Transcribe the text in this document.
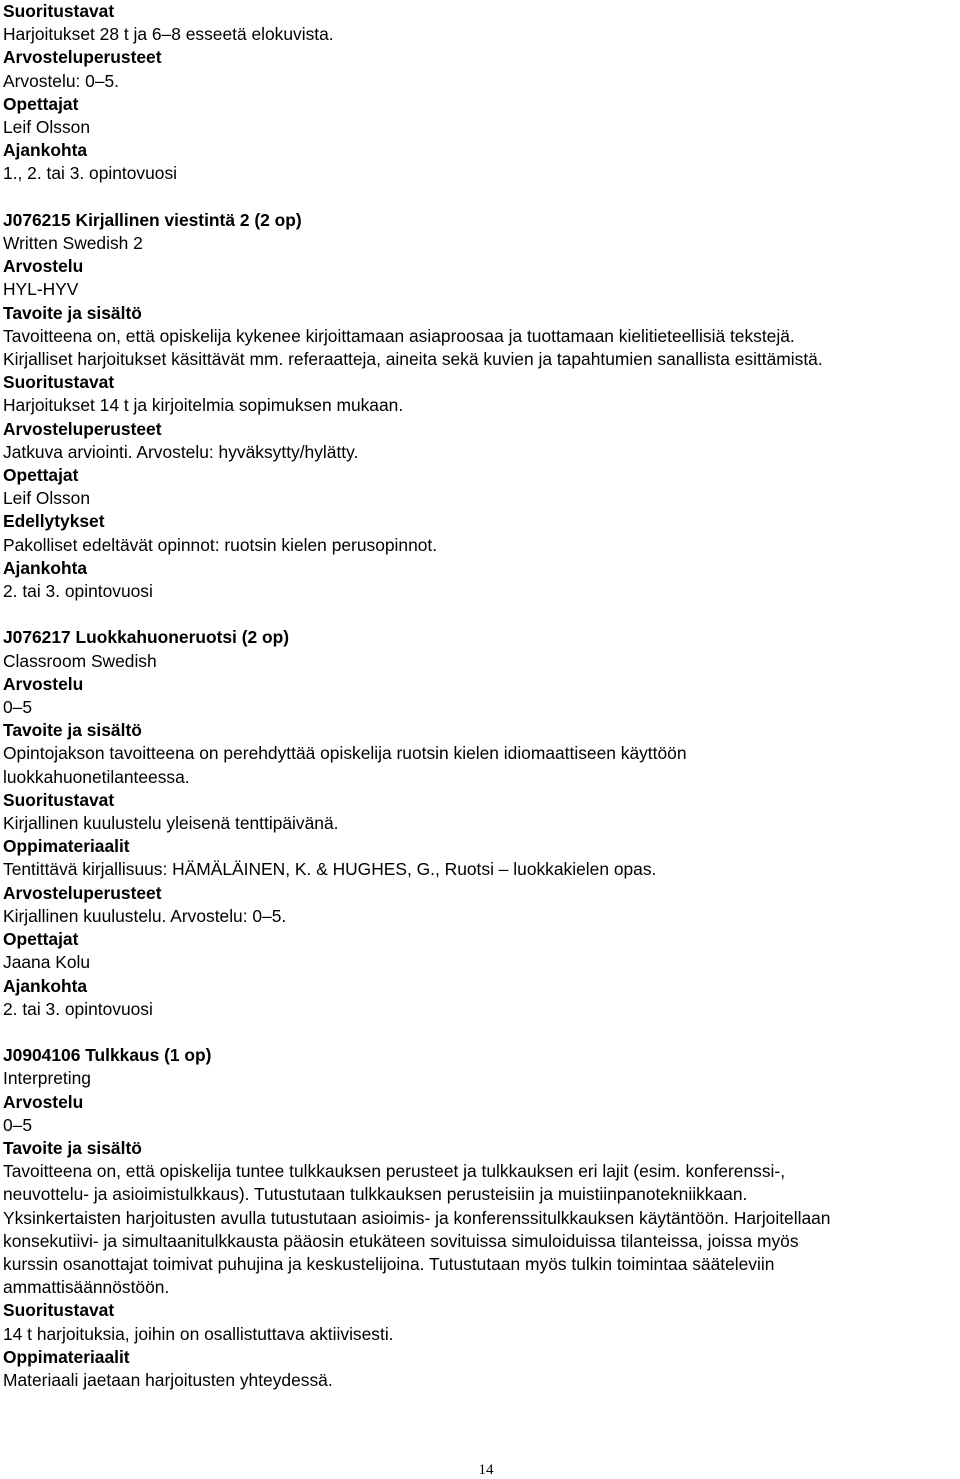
Suoritustavat
Harjoitukset 28 t ja 6–8 esseetä elokuvista.
Arvosteluperusteet
Arvostelu: 0–5.
Opettajat
Leif Olsson
Ajankohta
1., 2. tai 3. opintovuosi
J076215 Kirjallinen viestintä 2 (2 op)
Written Swedish 2
Arvostelu
HYL-HYV
Tavoite ja sisältö
Tavoitteena on, että opiskelija kykenee kirjoittamaan asiaproosaa ja tuottamaan kielitieteellisiä tekstejä.
Kirjalliset harjoitukset käsittävät mm. referaatteja, aineita sekä kuvien ja tapahtumien sanallista esittämistä.
Suoritustavat
Harjoitukset 14 t ja kirjoitelmia sopimuksen mukaan.
Arvosteluperusteet
Jatkuva arviointi. Arvostelu: hyväksytty/hylätty.
Opettajat
Leif Olsson
Edellytykset
Pakolliset edeltävät opinnot: ruotsin kielen perusopinnot.
Ajankohta
2. tai 3. opintovuosi
J076217 Luokkahuoneruotsi (2 op)
Classroom Swedish
Arvostelu
0–5
Tavoite ja sisältö
Opintojakson tavoitteena on perehdyttää opiskelija ruotsin kielen idiomaattiseen käyttöön
luokkahuonetilanteessa.
Suoritustavat
Kirjallinen kuulustelu yleisenä tenttipäivänä.
Oppimateriaalit
Tentittävä kirjallisuus: HÄMÄLÄINEN, K. & HUGHES, G., Ruotsi – luokkakielen opas.
Arvosteluperusteet
Kirjallinen kuulustelu. Arvostelu: 0–5.
Opettajat
Jaana Kolu
Ajankohta
2. tai 3. opintovuosi
J0904106 Tulkkaus (1 op)
Interpreting
Arvostelu
0–5
Tavoite ja sisältö
Tavoitteena on, että opiskelija tuntee tulkkauksen perusteet ja tulkkauksen eri lajit (esim. konferenssi-,
neuvottelu- ja asioimistulkkaus). Tutustutaan tulkkauksen perusteisiin ja muistiinpanotekniikkaan.
Yksinkertaisten harjoitusten avulla tutustutaan asioimis- ja konferenssitulkkauksen käytäntöön. Harjoitellaan
konsekutiivi- ja simultaanitulkkausta pääosin etukäteen sovituissa simuloiduissa tilanteissa, joissa myös
kurssin osanottajat toimivat puhujina ja keskustelijoina. Tutustutaan myös tulkin toimintaa sääteleviin
ammattisäännöstöön.
Suoritustavat
14 t harjoituksia, joihin on osallistuttava aktiivisesti.
Oppimateriaalit
Materiaali jaetaan harjoitusten yhteydessä.
14
